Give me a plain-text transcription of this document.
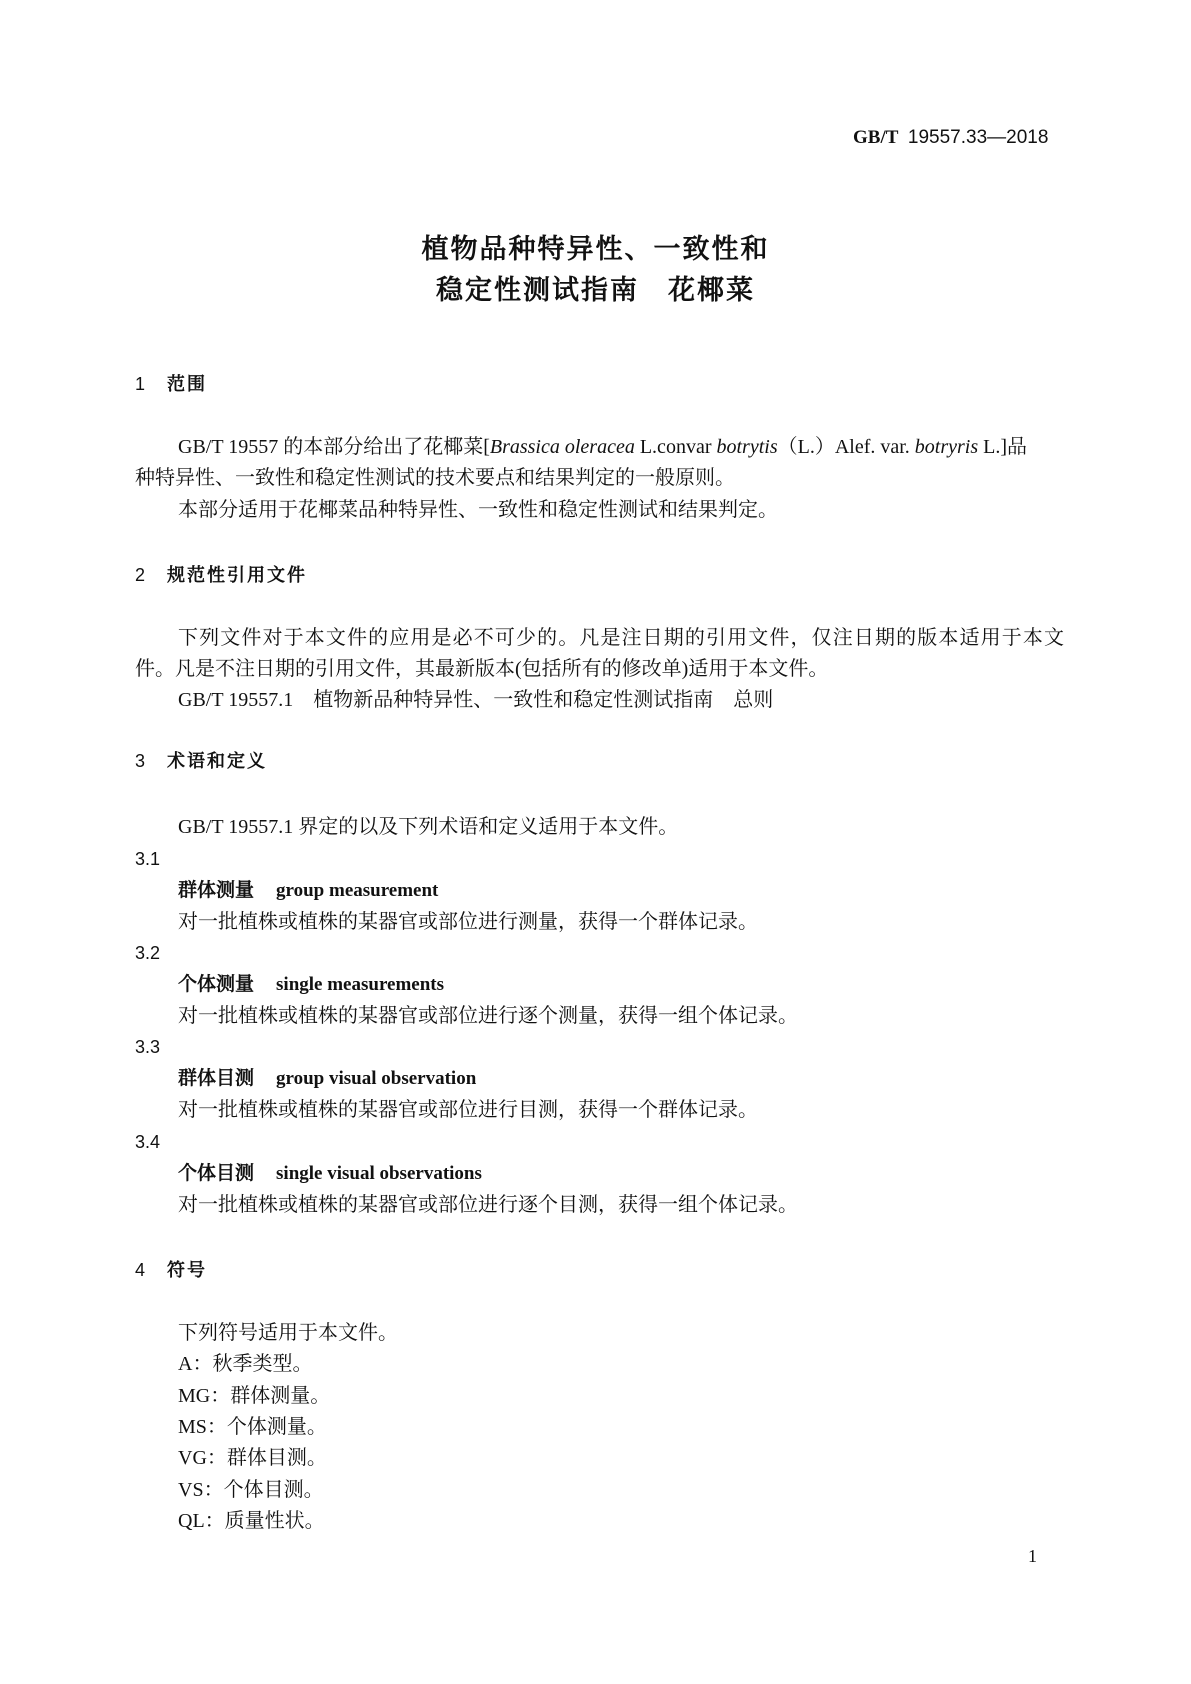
GB/T 19557.33—2018
植物品种特异性、一致性和
稳定性测试指南　花椰菜
1 范围
GB/T 19557 的本部分给出了花椰菜[Brassica oleracea L.convar botrytis（L.）Alef. var. botryris L.]品
种特异性、一致性和稳定性测试的技术要点和结果判定的一般原则。
本部分适用于花椰菜品种特异性、一致性和稳定性测试和结果判定。
2 规范性引用文件
下列文件对于本文件的应用是必不可少的。凡是注日期的引用文件，仅注日期的版本适用于本文
件。凡是不注日期的引用文件，其最新版本(包括所有的修改单)适用于本文件。
GB/T 19557.1　植物新品种特异性、一致性和稳定性测试指南　总则
3 术语和定义
GB/T 19557.1 界定的以及下列术语和定义适用于本文件。
3.1
群体测量 group measurement
对一批植株或植株的某器官或部位进行测量，获得一个群体记录。
3.2
个体测量 single measurements
对一批植株或植株的某器官或部位进行逐个测量，获得一组个体记录。
3.3
群体目测 group visual observation
对一批植株或植株的某器官或部位进行目测，获得一个群体记录。
3.4
个体目测 single visual observations
对一批植株或植株的某器官或部位进行逐个目测，获得一组个体记录。
4 符号
下列符号适用于本文件。
A：秋季类型。
MG：群体测量。
MS：个体测量。
VG：群体目测。
VS：个体目测。
QL：质量性状。
1
